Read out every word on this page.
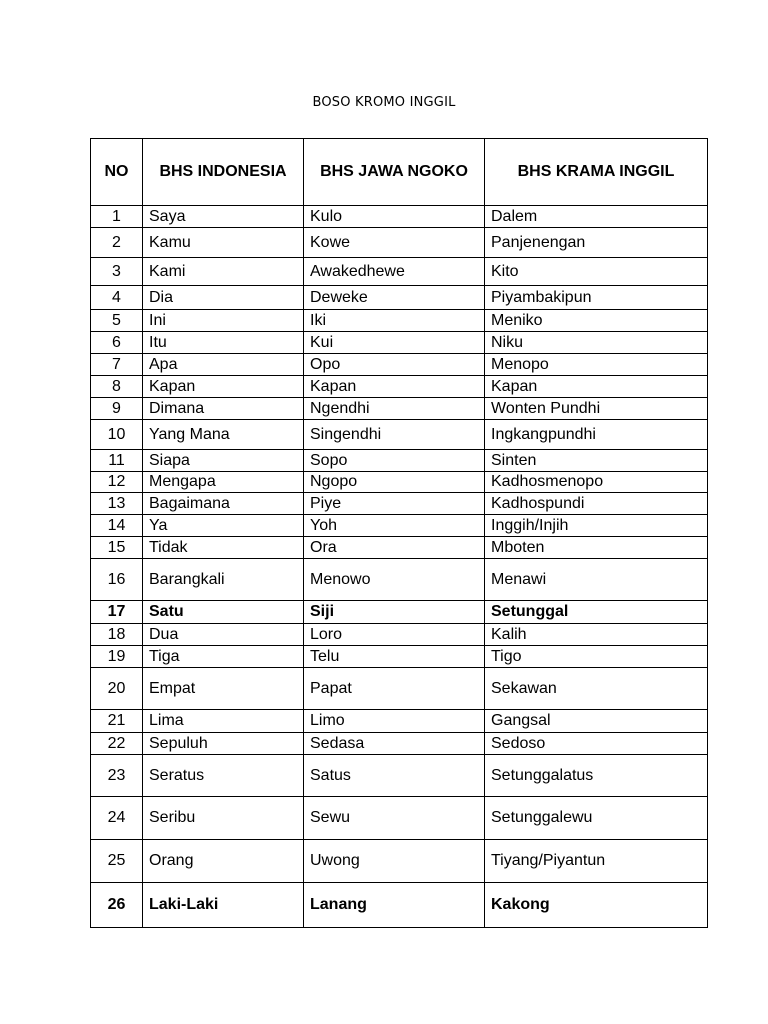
BOSO KROMO INGGIL
NO	BHS INDONESIA	BHS JAWA NGOKO	BHS KRAMA INGGIL
1	Saya	Kulo	Dalem
2	Kamu	Kowe	Panjenengan
3	Kami	Awakedhewe	Kito
4	Dia	Deweke	Piyambakipun
5	Ini	Iki	Meniko
6	Itu	Kui	Niku
7	Apa	Opo	Menopo
8	Kapan	Kapan	Kapan
9	Dimana	Ngendhi	Wonten Pundhi
10	Yang Mana	Singendhi	Ingkangpundhi
11	Siapa	Sopo	Sinten
12	Mengapa	Ngopo	Kadhosmenopo
13	Bagaimana	Piye	Kadhospundi
14	Ya	Yoh	Inggih/Injih
15	Tidak	Ora	Mboten
16	Barangkali	Menowo	Menawi
17	Satu	Siji	Setunggal
18	Dua	Loro	Kalih
19	Tiga	Telu	Tigo
20	Empat	Papat	Sekawan
21	Lima	Limo	Gangsal
22	Sepuluh	Sedasa	Sedoso
23	Seratus	Satus	Setunggalatus
24	Seribu	Sewu	Setunggalewu
25	Orang	Uwong	Tiyang/Piyantun
26	Laki-Laki	Lanang	Kakong
